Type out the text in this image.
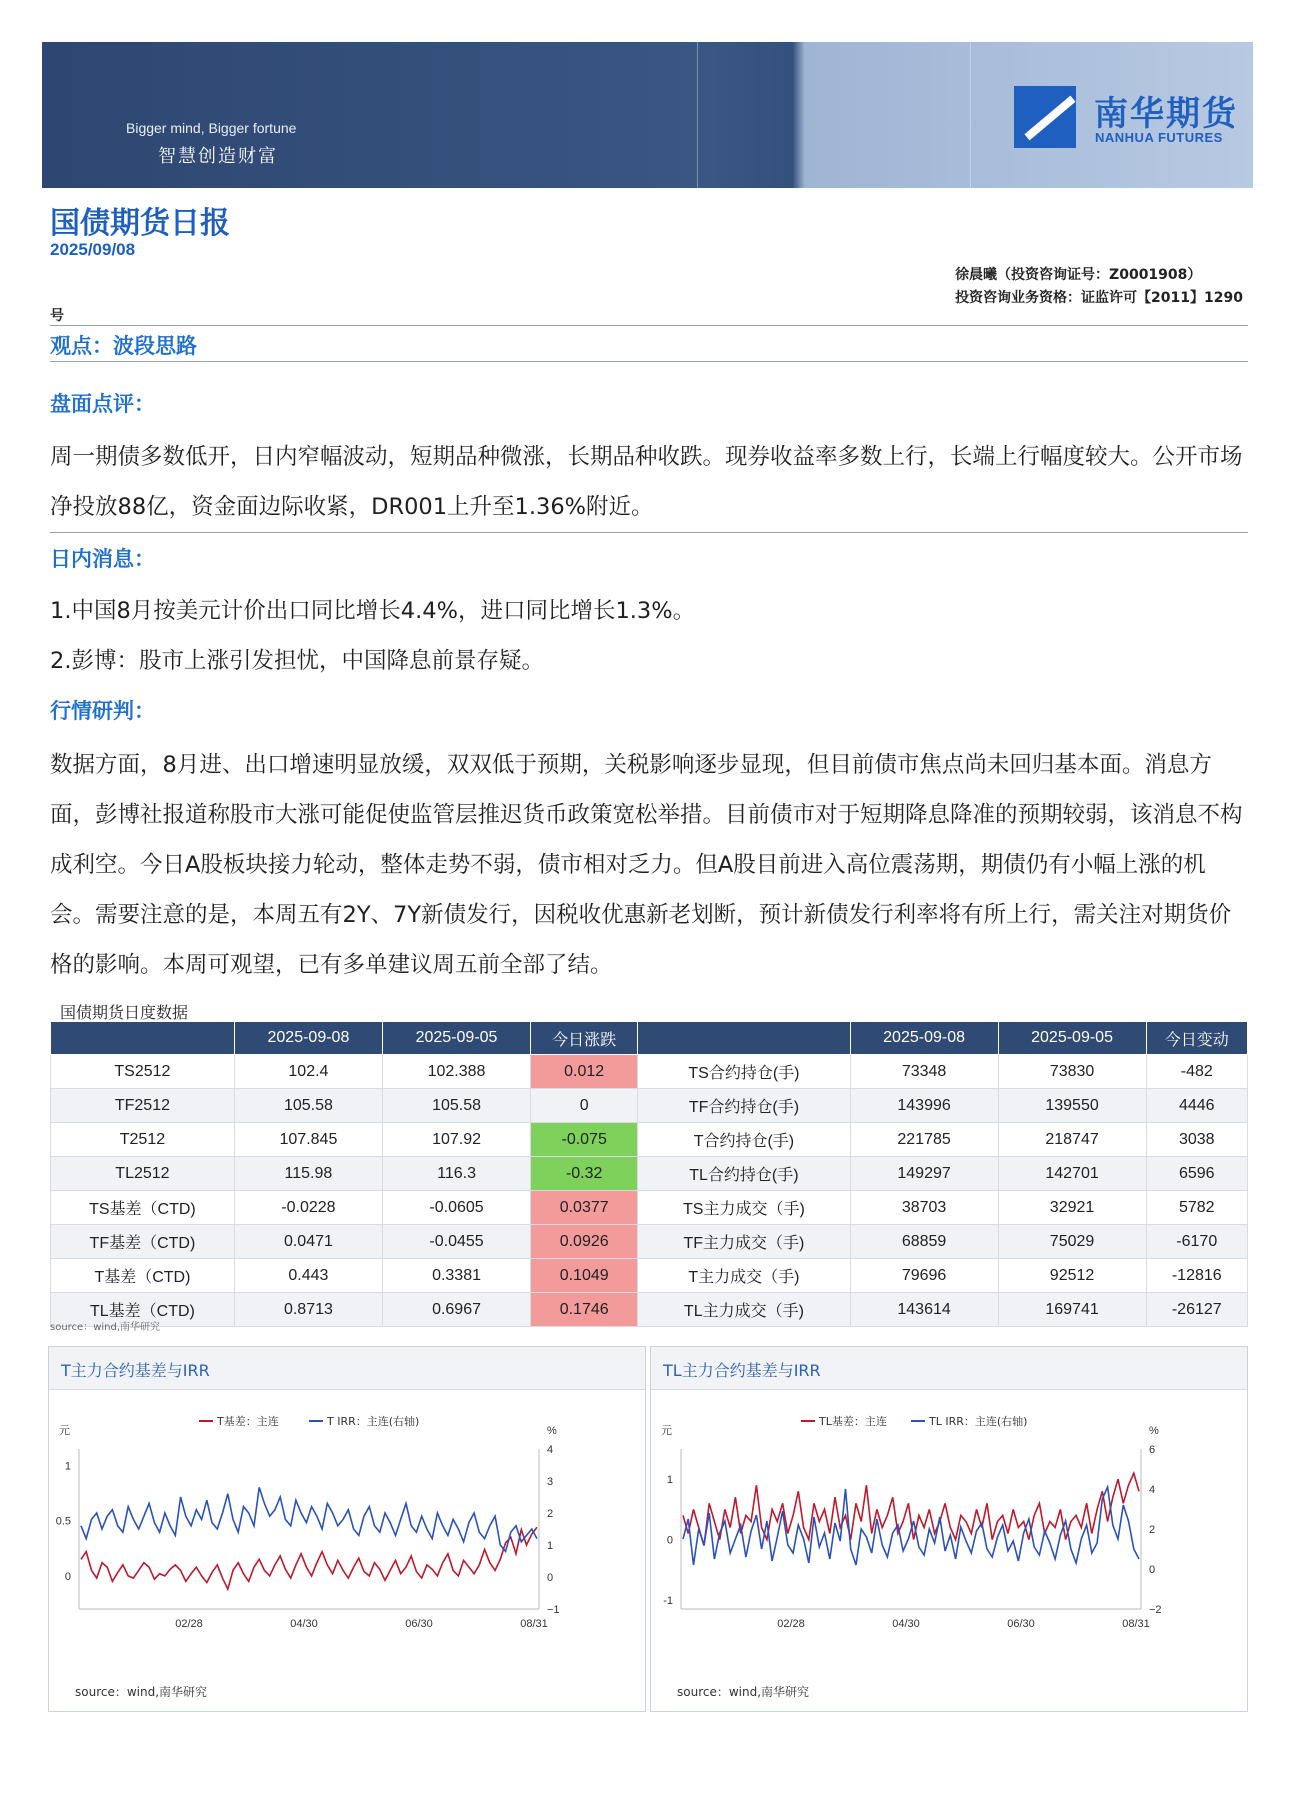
Bigger mind, Bigger fortune
智慧创造财富
南华期货
NANHUA FUTURES
国债期货日报
2025/09/08
徐晨曦（投资咨询证号：Z0001908）
投资咨询业务资格：证监许可【2011】1290
号
观点：波段思路
盘面点评：
周一期债多数低开，日内窄幅波动，短期品种微涨，长期品种收跌。现券收益率多数上行，长端上行幅度较大。公开市场净投放88亿，资金面边际收紧，DR001上升至1.36%附近。
日内消息：
1.中国8月按美元计价出口同比增长4.4%，进口同比增长1.3%。
2.彭博：股市上涨引发担忧，中国降息前景存疑。
行情研判：
数据方面，8月进、出口增速明显放缓，双双低于预期，关税影响逐步显现，但目前债市焦点尚未回归基本面。消息方面，彭博社报道称股市大涨可能促使监管层推迟货币政策宽松举措。目前债市对于短期降息降准的预期较弱，该消息不构成利空。今日A股板块接力轮动，整体走势不弱，债市相对乏力。但A股目前进入高位震荡期，期债仍有小幅上涨的机会。需要注意的是，本周五有2Y、7Y新债发行，因税收优惠新老划断，预计新债发行利率将有所上行，需关注对期货价格的影响。本周可观望，已有多单建议周五前全部了结。
国债期货日度数据
	2025-09-08	2025-09-05	今日涨跌		2025-09-08	2025-09-05	今日变动
TS2512	102.4	102.388	0.012	TS合约持仓(手)	73348	73830	-482
TF2512	105.58	105.58	0	TF合约持仓(手)	143996	139550	4446
T2512	107.845	107.92	-0.075	T合约持仓(手)	221785	218747	3038
TL2512	115.98	116.3	-0.32	TL合约持仓(手)	149297	142701	6596
TS基差（CTD)	-0.0228	-0.0605	0.0377	TS主力成交（手)	38703	32921	5782
TF基差（CTD)	0.0471	-0.0455	0.0926	TF主力成交（手)	68859	75029	-6170
T基差（CTD)	0.443	0.3381	0.1049	T主力成交（手)	79696	92512	-12816
TL基差（CTD)	0.8713	0.6967	0.1746	TL主力成交（手)	143614	169741	-26127
source：wind,南华研究
T主力合约基差与IRR
元	%
1
0.5
0
4
3
2
1
0
−1
02/28	04/30	06/30	08/31
T基差：主连	T IRR：主连(右轴)
source：wind,南华研究
TL主力合约基差与IRR
元	%
1
0
-1
6
4
2
0
−2
02/28	04/30	06/30	08/31
TL基差：主连	TL IRR：主连(右轴)
source：wind,南华研究
